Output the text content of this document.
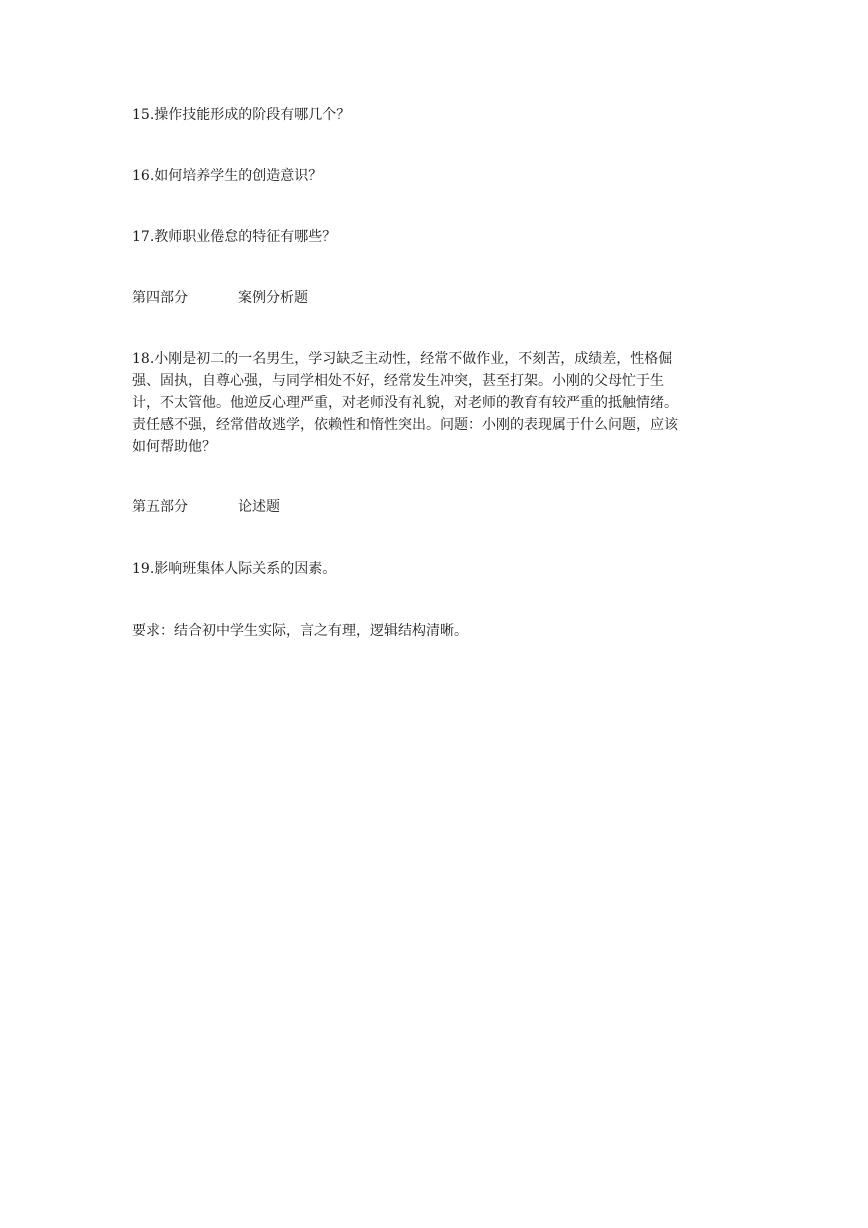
15.操作技能形成的阶段有哪几个？
16.如何培养学生的创造意识？
17.教师职业倦怠的特征有哪些？
第四部分	案例分析题
18.小刚是初二的一名男生，学习缺乏主动性，经常不做作业，不刻苦，成绩差，性格倔
强、固执，自尊心强，与同学相处不好，经常发生冲突，甚至打架。小刚的父母忙于生
计，不太管他。他逆反心理严重，对老师没有礼貌，对老师的教育有较严重的抵触情绪。
责任感不强，经常借故逃学，依赖性和惰性突出。问题：小刚的表现属于什么问题，应该
如何帮助他？
第五部分	论述题
19.影响班集体人际关系的因素。
要求：结合初中学生实际，言之有理，逻辑结构清晰。
